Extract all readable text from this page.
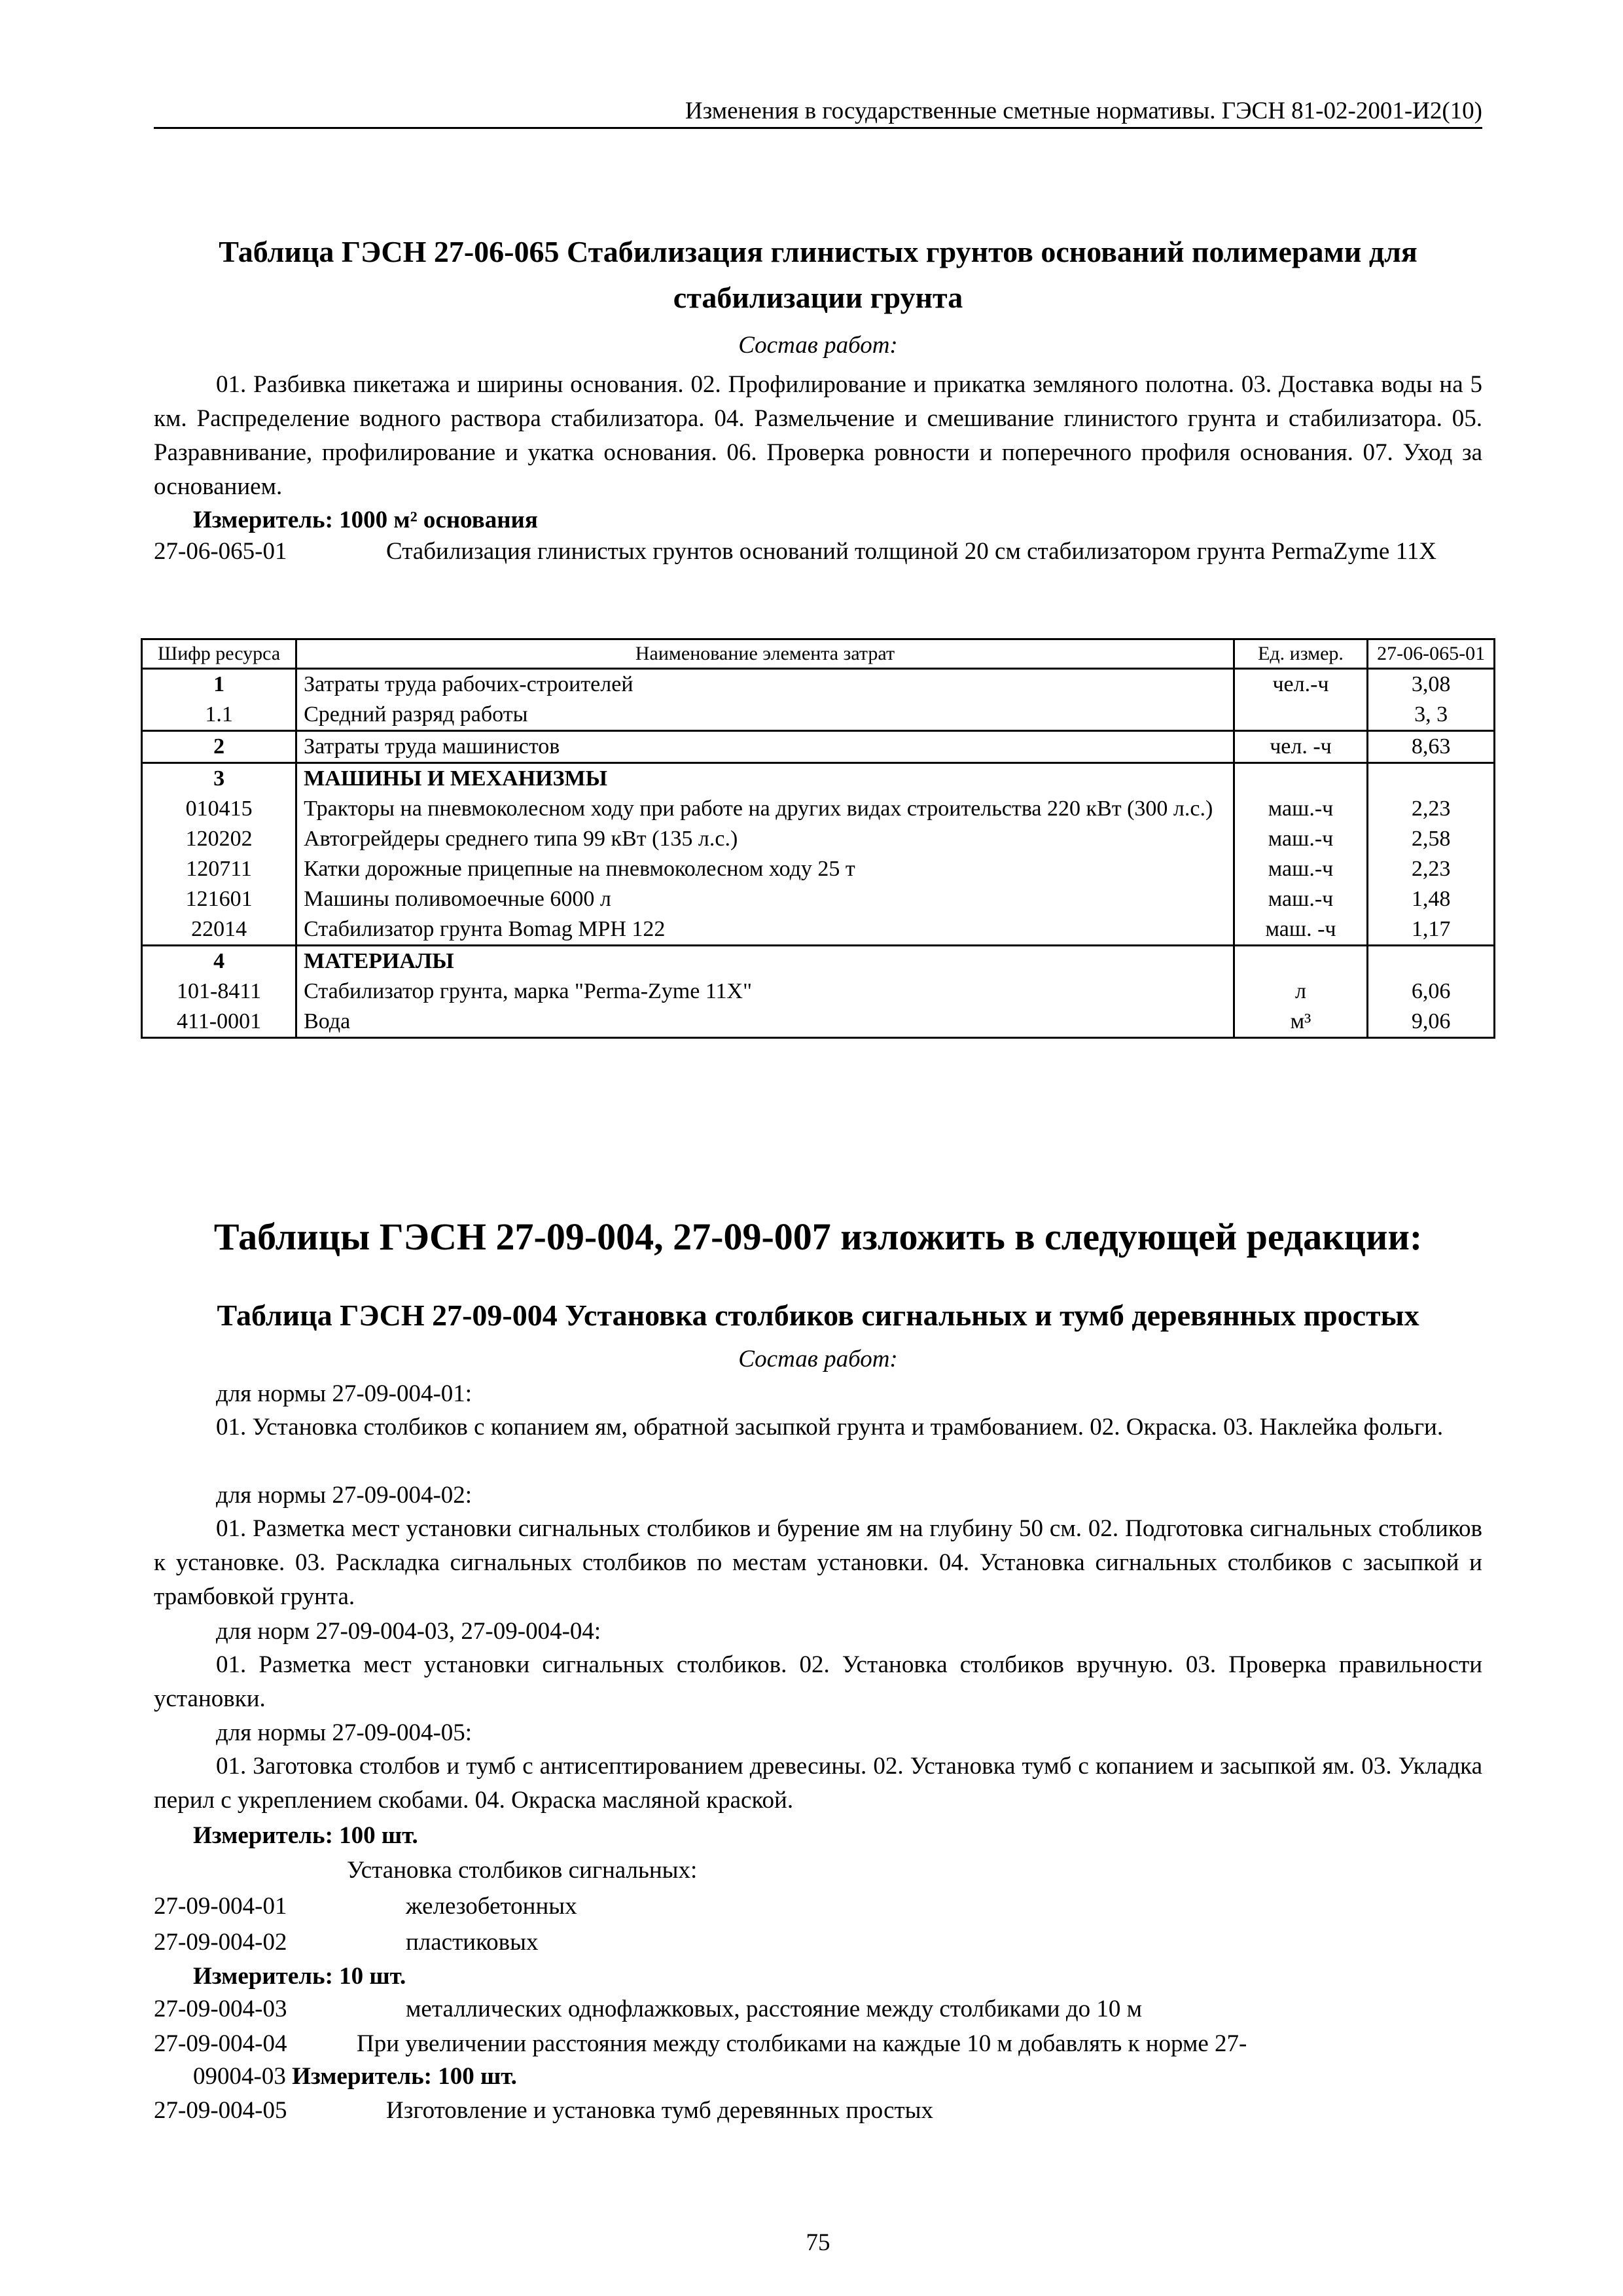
Изменения в государственные сметные нормативы. ГЭСН 81-02-2001-И2(10)
Таблица ГЭСН 27-06-065 Стабилизация глинистых грунтов оснований полимерами для
стабилизации грунта
Состав работ:
01. Разбивка пикетажа и ширины основания. 02. Профилирование и прикатка земляного полотна. 03. Доставка воды на 5 км. Распределение водного раствора стабилизатора. 04. Размельчение и смешивание глинистого грунта и стабилизатора. 05. Разравнивание, профилирование и укатка основания. 06. Проверка ровности и поперечного профиля основания. 07. Уход за основанием.
Измеритель: 1000 м² основания
27-06-065-01	Стабилизация глинистых грунтов оснований толщиной 20 см стабилизатором грунта PermaZyme 11X
Шифр ресурса	Наименование элемента затрат	Ед. измер.	27-06-065-01
1	Затраты труда рабочих-строителей	чел.-ч	3,08
1.1	Средний разряд работы		3, 3
2	Затраты труда машинистов	чел. -ч	8,63
3	МАШИНЫ И МЕХАНИЗМЫ		
010415	Тракторы на пневмоколесном ходу при работе на других видах строительства 220 кВт (300 л.с.)	маш.-ч	2,23
120202	Автогрейдеры среднего типа 99 кВт (135 л.с.)	маш.-ч	2,58
120711	Катки дорожные прицепные на пневмоколесном ходу 25 т	маш.-ч	2,23
121601	Машины поливомоечные 6000 л	маш.-ч	1,48
22014	Стабилизатор грунта Bomag MPH 122	маш. -ч	1,17
4	МАТЕРИАЛЫ		
101-8411	Стабилизатор грунта, марка "Perma-Zyme 11X"	л	6,06
411-0001	Вода	м³	9,06
Таблицы ГЭСН 27-09-004, 27-09-007 изложить в следующей редакции:
Таблица ГЭСН 27-09-004 Установка столбиков сигнальных и тумб деревянных простых
Состав работ:
для нормы 27-09-004-01:
01. Установка столбиков с копанием ям, обратной засыпкой грунта и трамбованием. 02. Окраска. 03. Наклейка фольги.
для нормы 27-09-004-02:
01. Разметка мест установки сигнальных столбиков и бурение ям на глубину 50 см. 02. Подготовка сигнальных стобликов к установке. 03. Раскладка сигнальных столбиков по местам установки. 04. Установка сигнальных столбиков с засыпкой и трамбовкой грунта.
для норм 27-09-004-03, 27-09-004-04:
01. Разметка мест установки сигнальных столбиков. 02. Установка столбиков вручную. 03. Проверка правильности установки.
для нормы 27-09-004-05:
01. Заготовка столбов и тумб с антисептированием древесины. 02. Установка тумб с копанием и засыпкой ям. 03. Укладка перил с укреплением скобами. 04. Окраска масляной краской.
Измеритель: 100 шт.
Установка столбиков сигнальных:
27-09-004-01	железобетонных
27-09-004-02	пластиковых
Измеритель: 10 шт.
27-09-004-03	металлических однофлажковых, расстояние между столбиками до 10 м
27-09-004-04	При увеличении расстояния между столбиками на каждые 10 м добавлять к норме 27-
09004-03 Измеритель: 100 шт.
27-09-004-05	Изготовление и установка тумб деревянных простых
75
